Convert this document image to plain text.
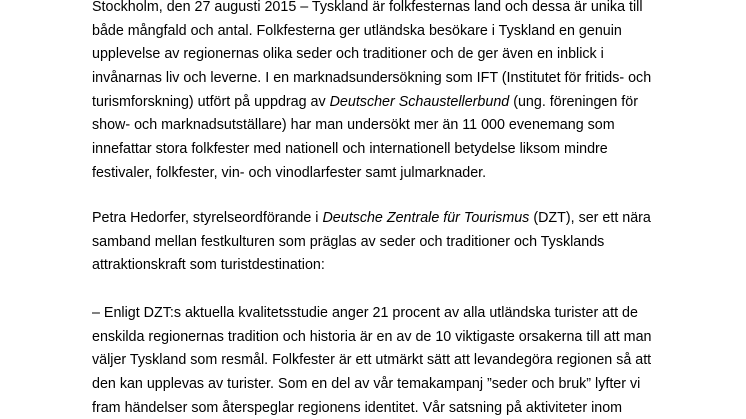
Stockholm, den 27 augusti 2015 – Tyskland är folkfesternas land och dessa är unika till
både mångfald och antal. Folkfesterna ger utländska besökare i Tyskland en genuin
upplevelse av regionernas olika seder och traditioner och de ger även en inblick i
invånarnas liv och leverne. I en marknadsundersökning som IFT (Institutet för fritids- och
turismforskning) utfört på uppdrag av Deutscher Schaustellerbund (ung. föreningen för
show- och marknadsutställare) har man undersökt mer än 11 000 evenemang som
innefattar stora folkfester med nationell och internationell betydelse liksom mindre
festivaler, folkfester, vin- och vinodlarfester samt julmarknader.
Petra Hedorfer, styrelseordförande i Deutsche Zentrale für Tourismus (DZT), ser ett nära
samband mellan festkulturen som präglas av seder och traditioner och Tysklands
attraktionskraft som turistdestination:
– Enligt DZT:s aktuella kvalitetsstudie anger 21 procent av alla utländska turister att de
enskilda regionernas tradition och historia är en av de 10 viktigaste orsakerna till att man
väljer Tyskland som resmål. Folkfester är ett utmärkt sätt att levandegöra regionen så att
den kan upplevas av turister. Som en del av vår temakampanj ”seder och bruk” lyfter vi
fram händelser som återspeglar regionens identitet. Vår satsning på aktiviteter inom
